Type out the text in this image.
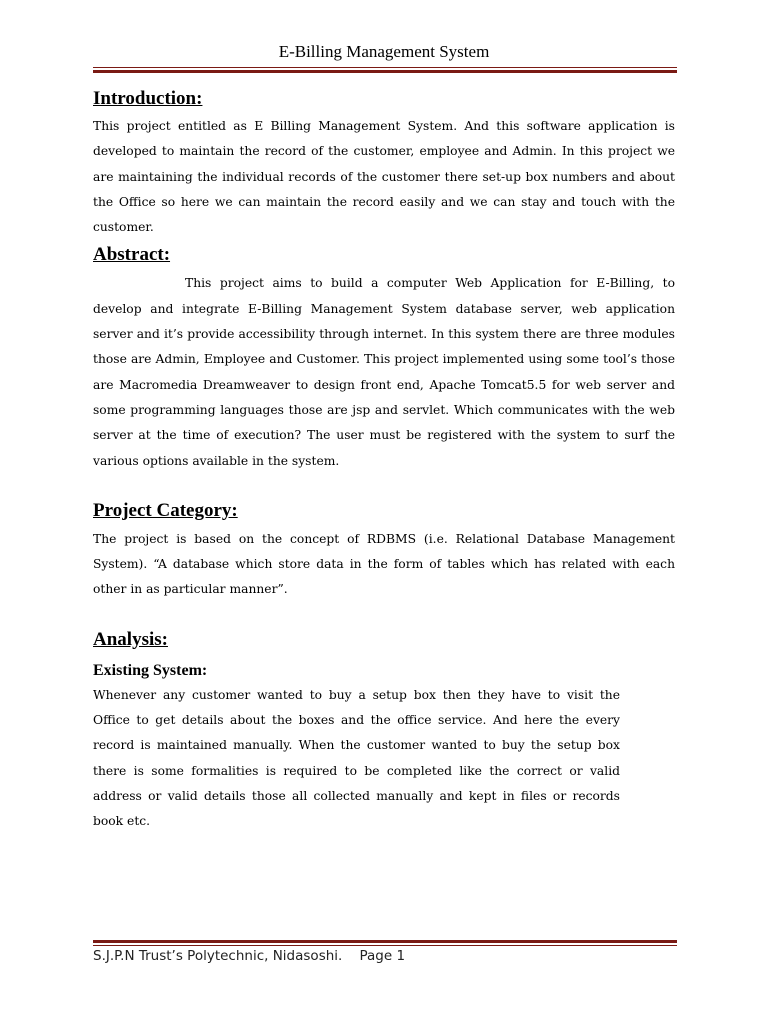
E-Billing Management System
Introduction:

This project entitled as E Billing Management System. And this software application is developed to maintain the record of the customer, employee and Admin. In this project we are maintaining the individual records of the customer there set-up box numbers and about the Office so here we can maintain the record easily and we can stay and touch with the customer.

Abstract:

This project aims to build a computer Web Application for E-Billing, to develop and integrate E-Billing Management System database server, web application server and it’s provide accessibility through internet. In this system there are three modules those are Admin, Employee and Customer. This project implemented using some tool’s those are Macromedia Dreamweaver to design front end, Apache Tomcat5.5 for web server and some programming languages those are jsp and servlet. Which communicates with the web server at the time of execution? The user must be registered with the system to surf the various options available in the system.

Project Category:

The project is based on the concept of RDBMS (i.e. Relational Database Management System). “A database which store data in the form of tables which has related with each other in as particular manner”.

Analysis:
Existing System:

Whenever any customer wanted to buy a setup box then they have to visit the Office to get details about the boxes and the office service. And here the every record is maintained manually. When the customer wanted to buy the setup box there is some formalities is required to be completed like the correct or valid address or valid details those all collected manually and kept in files or records book etc.

S.J.P.N Trust’s Polytechnic, Nidasoshi. Page 1
